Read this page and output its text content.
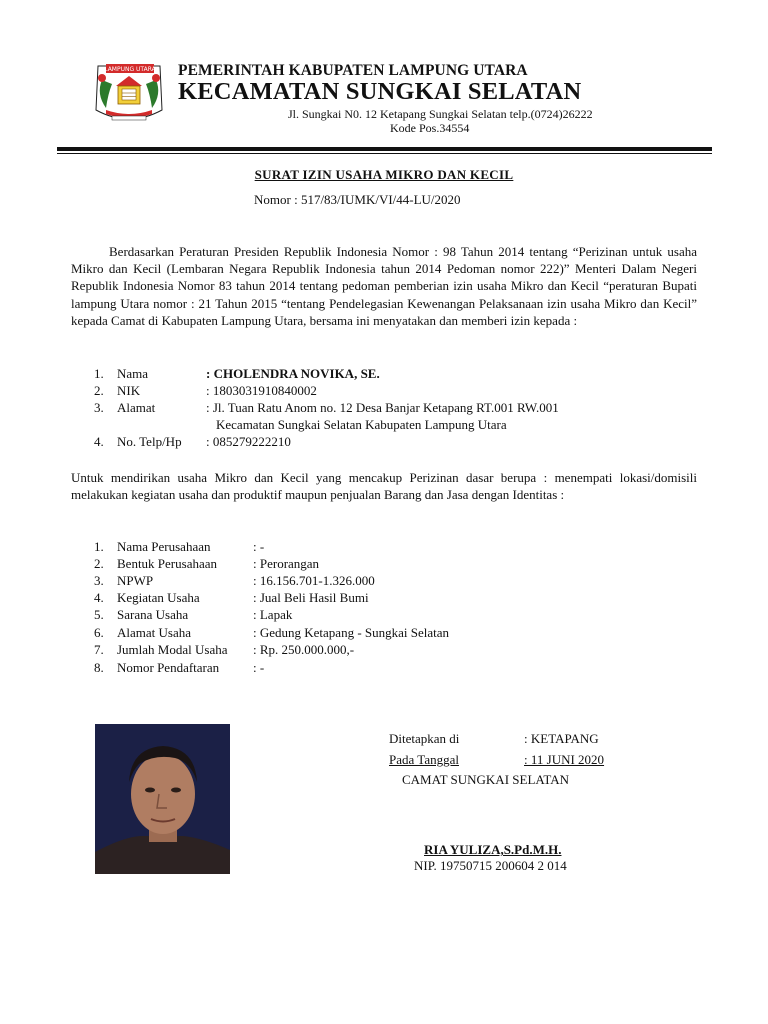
LAMPUNG UTARA PEMERINTAH KABUPATEN LAMPUNG UTARA
KECAMATAN SUNGKAI SELATAN
Jl. Sungkai N0. 12 Ketapang Sungkai Selatan telp.(0724)26222
Kode Pos.34554
SURAT IZIN USAHA MIKRO DAN KECIL
Nomor : 517/83/IUMK/VI/44-LU/2020
Berdasarkan Peraturan Presiden Republik Indonesia Nomor : 98 Tahun 2014 tentang “Perizinan untuk usaha Mikro dan Kecil (Lembaran Negara Republik Indonesia tahun 2014 Pedoman nomor 222)” Menteri Dalam Negeri Republik Indonesia Nomor 83 tahun 2014 tentang pedoman pemberian izin usaha Mikro dan Kecil “peraturan Bupati lampung Utara nomor : 21 Tahun 2015 “tentang Pendelegasian Kewenangan Pelaksanaan izin usaha Mikro dan Kecil” kepada Camat di Kabupaten Lampung Utara, bersama ini menyatakan dan memberi izin kepada :
1. Nama	: CHOLENDRA NOVIKA, SE.
2. NIK	: 1803031910840002
3. Alamat	: Jl. Tuan Ratu Anom no. 12 Desa Banjar Ketapang RT.001 RW.001
Kecamatan Sungkai Selatan Kabupaten Lampung Utara
4. No. Telp/Hp : 085279222210
Untuk mendirikan usaha Mikro dan Kecil yang mencakup Perizinan dasar berupa : menempati lokasi/domisili melakukan kegiatan usaha dan produktif maupun penjualan Barang dan Jasa dengan Identitas :
1. Nama Perusahaan	: -
2. Bentuk Perusahaan	: Perorangan
3. NPWP	: 16.156.701-1.326.000
4. Kegiatan Usaha	: Jual Beli Hasil Bumi
5. Sarana Usaha	: Lapak
6. Alamat Usaha	: Gedung Ketapang - Sungkai Selatan
7. Jumlah Modal Usaha : Rp. 250.000.000,-
8. Nomor Pendaftaran	: -
Ditetapkan di	: KETAPANG
Pada Tanggal	: 11 JUNI 2020
CAMAT SUNGKAI SELATAN
RIA YULIZA,S.Pd.M.H.
NIP. 19750715 200604 2 014
